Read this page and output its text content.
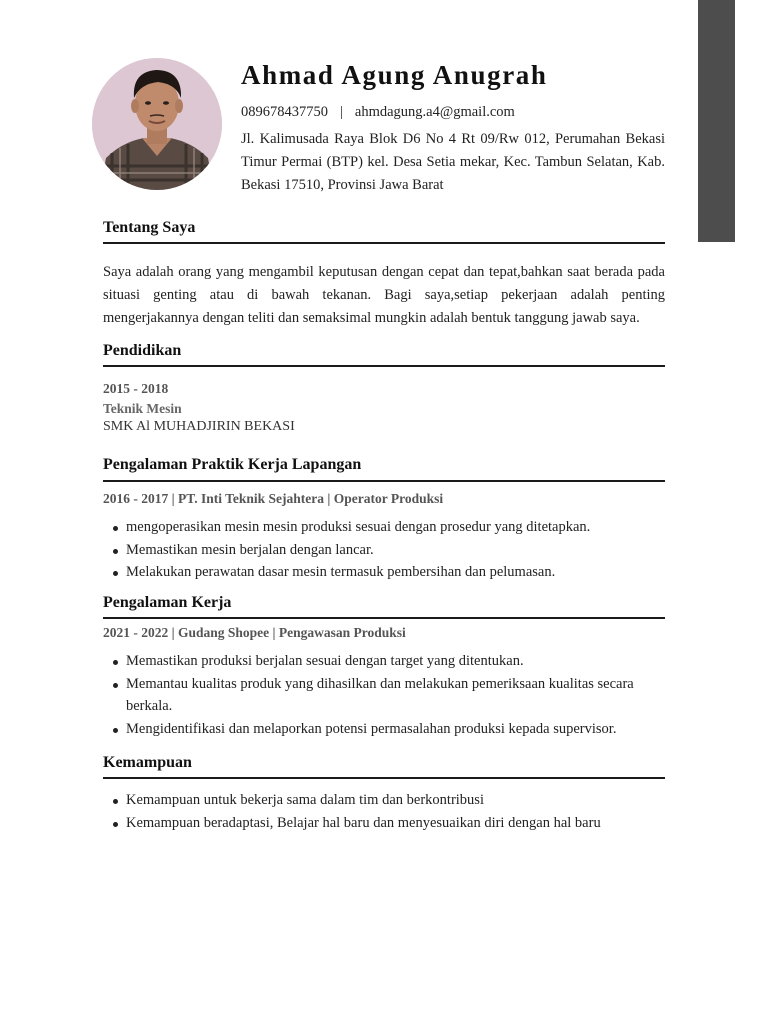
Ahmad Agung Anugrah
089678437750 | ahmdagung.a4@gmail.com
Jl. Kalimusada Raya Blok D6 No 4 Rt 09/Rw 012, Perumahan Bekasi Timur Permai (BTP) kel. Desa Setia mekar, Kec. Tambun Selatan, Kab. Bekasi 17510, Provinsi Jawa Barat
Tentang Saya
Saya adalah orang yang mengambil keputusan dengan cepat dan tepat,bahkan saat berada pada situasi genting atau di bawah tekanan. Bagi saya,setiap pekerjaan adalah penting mengerjakannya dengan teliti dan semaksimal mungkin adalah bentuk tanggung jawab saya.
Pendidikan
2015 - 2018
Teknik Mesin
SMK Al MUHADJIRIN BEKASI
Pengalaman Praktik Kerja Lapangan
2016 - 2017 | PT. Inti Teknik Sejahtera | Operator Produksi
mengoperasikan mesin mesin produksi sesuai dengan prosedur yang ditetapkan.
Memastikan mesin berjalan dengan lancar.
Melakukan perawatan dasar mesin termasuk pembersihan dan pelumasan.
Pengalaman Kerja
2021 - 2022 | Gudang Shopee | Pengawasan Produksi
Memastikan produksi berjalan sesuai dengan target yang ditentukan.
Memantau kualitas produk yang dihasilkan dan melakukan pemeriksaan kualitas secara berkala.
Mengidentifikasi dan melaporkan potensi permasalahan produksi kepada supervisor.
Kemampuan
Kemampuan untuk bekerja sama dalam tim dan berkontribusi
Kemampuan beradaptasi, Belajar hal baru dan menyesuaikan diri dengan hal baru
